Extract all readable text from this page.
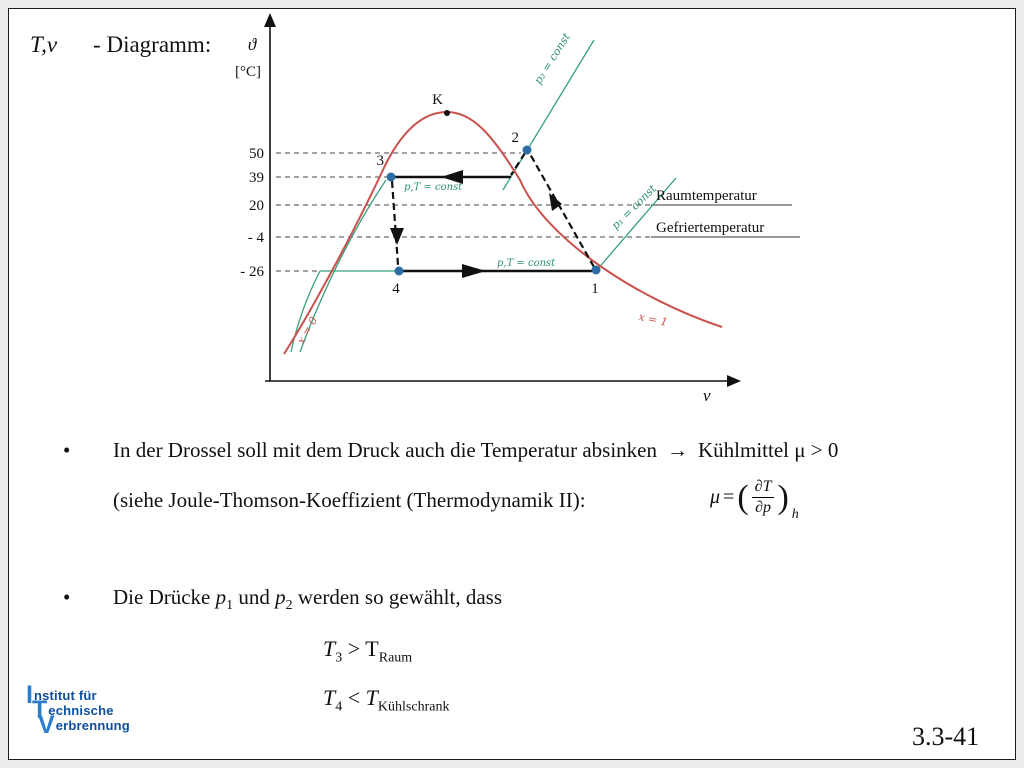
T,v - Diagramm: ϑ
[°C]
v
50
39
20
- 4
- 26
K
2
3
4	1
p₂ = const
p₁ = const
x = 0	x = 1
p,T = const
p,T = const
Raumtemperatur
Gefriertemperatur
•	In der Drossel soll mit dem Druck auch die Temperatur absinken → Kühlmittel μ > 0
(siehe Joule-Thomson-Koeffizient (Thermodynamik II):	μ = ( $\frac{\partial T}{\partial p}$ ) h
•	Die Drücke $p_1$ und $p_2$ werden so gewählt, dass
$T_3 > T_{Raum}$
$T_4 < T_{Kühlschrank}$
Institut für
Technische
Verbrennung	3.3-41
